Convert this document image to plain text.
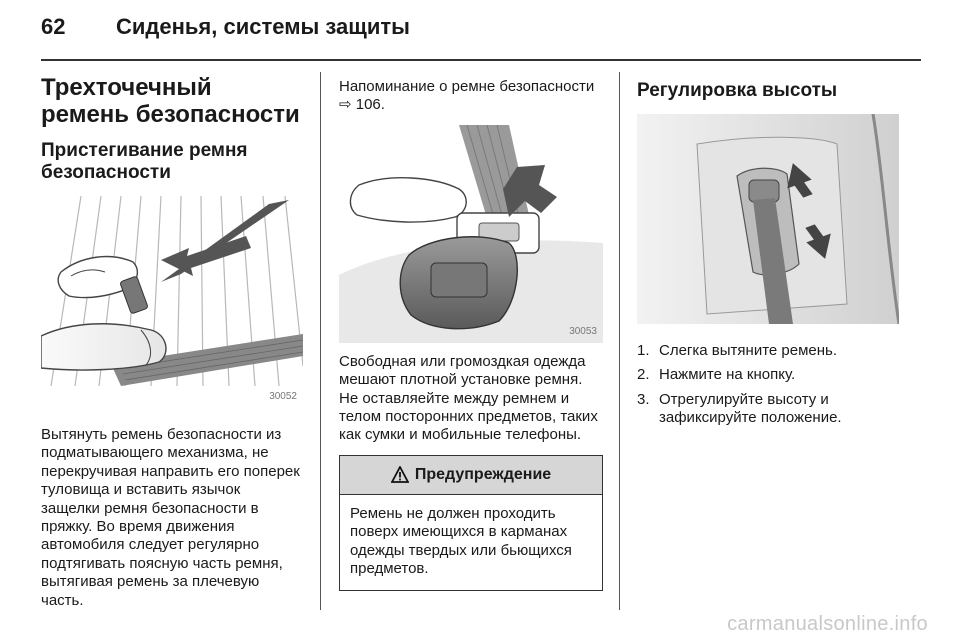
62 Сиденья, системы защиты
Трехточечный ремень безопасности
Пристегивание ремня безопасности
30052

Вытянуть ремень безопасности из подматывающего механизма, не перекручивая направить его поперек туловища и вставить язычок защелки ремня безопасности в пряжку. Во время движения автомобиля следует регулярно подтягивать поясную часть ремня, вытягивая ремень за плечевую часть.

Напоминание о ремне безопасности ⇨ 106.

30053

Свободная или громоздкая одежда мешают плотной установке ремня. Не оставляейте между ремнем и телом посторонних предметов, таких как сумки и мобильные телефоны.

Предупреждение
Ремень не должен проходить поверх имеющихся в карманах одежды твердых или бьющихся предметов.
Регулировка высоты
1. Слегка вытяните ремень.
2. Нажмите на кнопку.
3. Отрегулируйте высоту и зафиксируйте положение.
carmanualsonline.info
